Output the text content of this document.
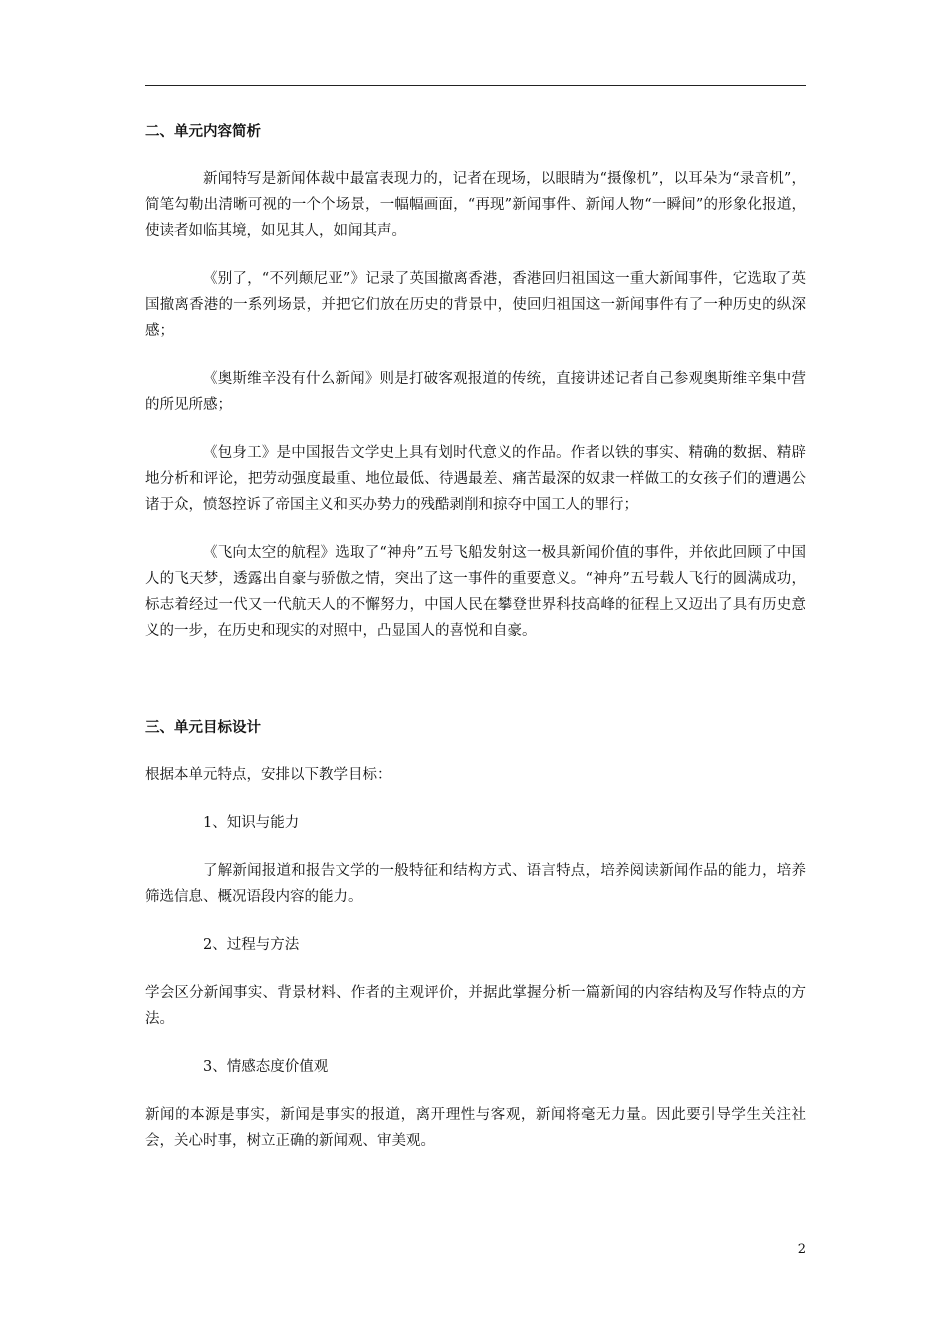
二、单元内容简析

新闻特写是新闻体裁中最富表现力的，记者在现场，以眼睛为“摄像机”，以耳朵为“录音机”，简笔勾勒出清晰可视的一个个场景，一幅幅画面，“再现”新闻事件、新闻人物“一瞬间”的形象化报道，使读者如临其境，如见其人，如闻其声。

《别了，“不列颠尼亚”》记录了英国撤离香港，香港回归祖国这一重大新闻事件，它选取了英国撤离香港的一系列场景，并把它们放在历史的背景中，使回归祖国这一新闻事件有了一种历史的纵深感；

《奥斯维辛没有什么新闻》则是打破客观报道的传统，直接讲述记者自己参观奥斯维辛集中营的所见所感；

《包身工》是中国报告文学史上具有划时代意义的作品。作者以铁的事实、精确的数据、精辟地分析和评论，把劳动强度最重、地位最低、待遇最差、痛苦最深的奴隶一样做工的女孩子们的遭遇公诸于众，愤怒控诉了帝国主义和买办势力的残酷剥削和掠夺中国工人的罪行；

《飞向太空的航程》选取了“神舟”五号飞船发射这一极具新闻价值的事件，并依此回顾了中国人的飞天梦，透露出自豪与骄傲之情，突出了这一事件的重要意义。“神舟”五号载人飞行的圆满成功，标志着经过一代又一代航天人的不懈努力，中国人民在攀登世界科技高峰的征程上又迈出了具有历史意义的一步，在历史和现实的对照中，凸显国人的喜悦和自豪。

三、单元目标设计

根据本单元特点，安排以下教学目标：

1、知识与能力

了解新闻报道和报告文学的一般特征和结构方式、语言特点，培养阅读新闻作品的能力，培养筛选信息、概况语段内容的能力。

2、过程与方法

学会区分新闻事实、背景材料、作者的主观评价，并据此掌握分析一篇新闻的内容结构及写作特点的方法。

3、情感态度价值观

新闻的本源是事实，新闻是事实的报道，离开理性与客观，新闻将毫无力量。因此要引导学生关注社会，关心时事，树立正确的新闻观、审美观。

2
